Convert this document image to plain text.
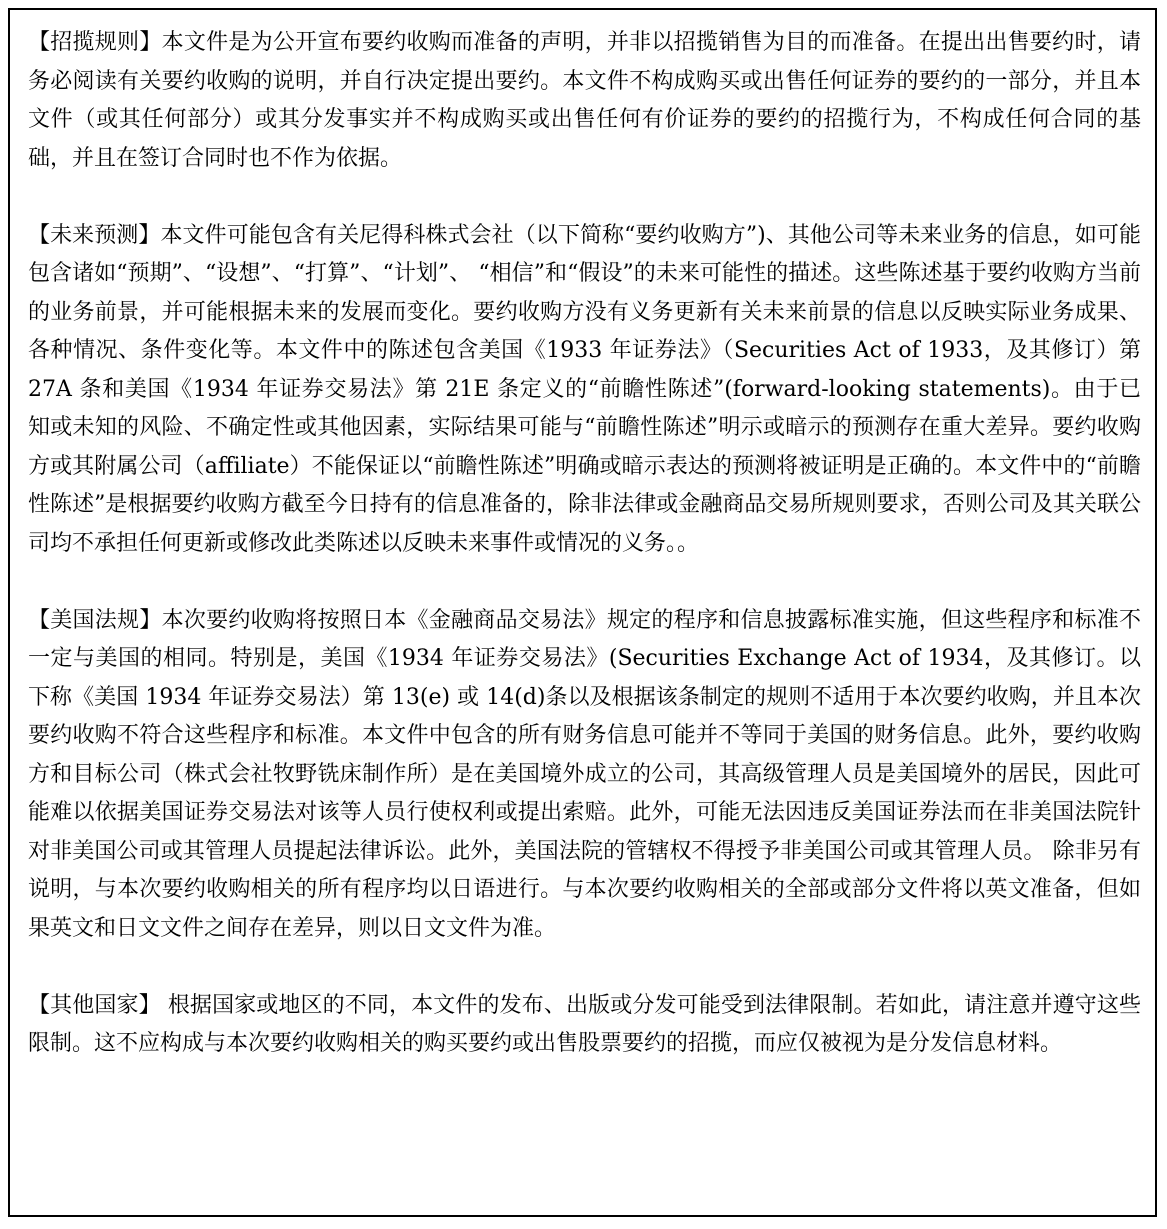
【招揽规则】本文件是为公开宣布要约收购而准备的声明，并非以招揽销售为目的而准备。在提出出售要约时，请务必阅读有关要约收购的说明，并自行决定提出要约。本文件不构成购买或出售任何证券的要约的一部分，并且本文件（或其任何部分）或其分发事实并不构成购买或出售任何有价证券的要约的招揽行为，不构成任何合同的基础，并且在签订合同时也不作为依据。

【未来预测】本文件可能包含有关尼得科株式会社（以下简称“要约收购方”)、其他公司等未来业务的信息，如可能包含诸如“预期”、“设想”、“打算”、“计划”、 “相信”和“假设”的未来可能性的描述。这些陈述基于要约收购方当前的业务前景，并可能根据未来的发展而变化。要约收购方没有义务更新有关未来前景的信息以反映实际业务成果、各种情况、条件变化等。本文件中的陈述包含美国《1933 年证券法》（Securities Act of 1933，及其修订）第 27A 条和美国《1934 年证券交易法》第 21E 条定义的“前瞻性陈述”(forward-looking statements)。由于已知或未知的风险、不确定性或其他因素，实际结果可能与“前瞻性陈述”明示或暗示的预测存在重大差异。要约收购方或其附属公司（affiliate）不能保证以“前瞻性陈述”明确或暗示表达的预测将被证明是正确的。本文件中的“前瞻性陈述”是根据要约收购方截至今日持有的信息准备的，除非法律或金融商品交易所规则要求，否则公司及其关联公司均不承担任何更新或修改此类陈述以反映未来事件或情况的义务。。

【美国法规】本次要约收购将按照日本《金融商品交易法》规定的程序和信息披露标准实施，但这些程序和标准不一定与美国的相同。特别是，美国《1934 年证券交易法》(Securities Exchange Act of 1934，及其修订。以下称《美国 1934 年证券交易法）第 13(e) 或 14(d)条以及根据该条制定的规则不适用于本次要约收购，并且本次要约收购不符合这些程序和标准。本文件中包含的所有财务信息可能并不等同于美国的财务信息。此外，要约收购方和目标公司（株式会社牧野铣床制作所）是在美国境外成立的公司，其高级管理人员是美国境外的居民，因此可能难以依据美国证券交易法对该等人员行使权利或提出索赔。此外，可能无法因违反美国证券法而在非美国法院针对非美国公司或其管理人员提起法律诉讼。此外，美国法院的管辖权不得授予非美国公司或其管理人员。 除非另有说明，与本次要约收购相关的所有程序均以日语进行。与本次要约收购相关的全部或部分文件将以英文准备，但如果英文和日文文件之间存在差异，则以日文文件为准。

【其他国家】 根据国家或地区的不同，本文件的发布、出版或分发可能受到法律限制。若如此，请注意并遵守这些限制。这不应构成与本次要约收购相关的购买要约或出售股票要约的招揽，而应仅被视为是分发信息材料。
